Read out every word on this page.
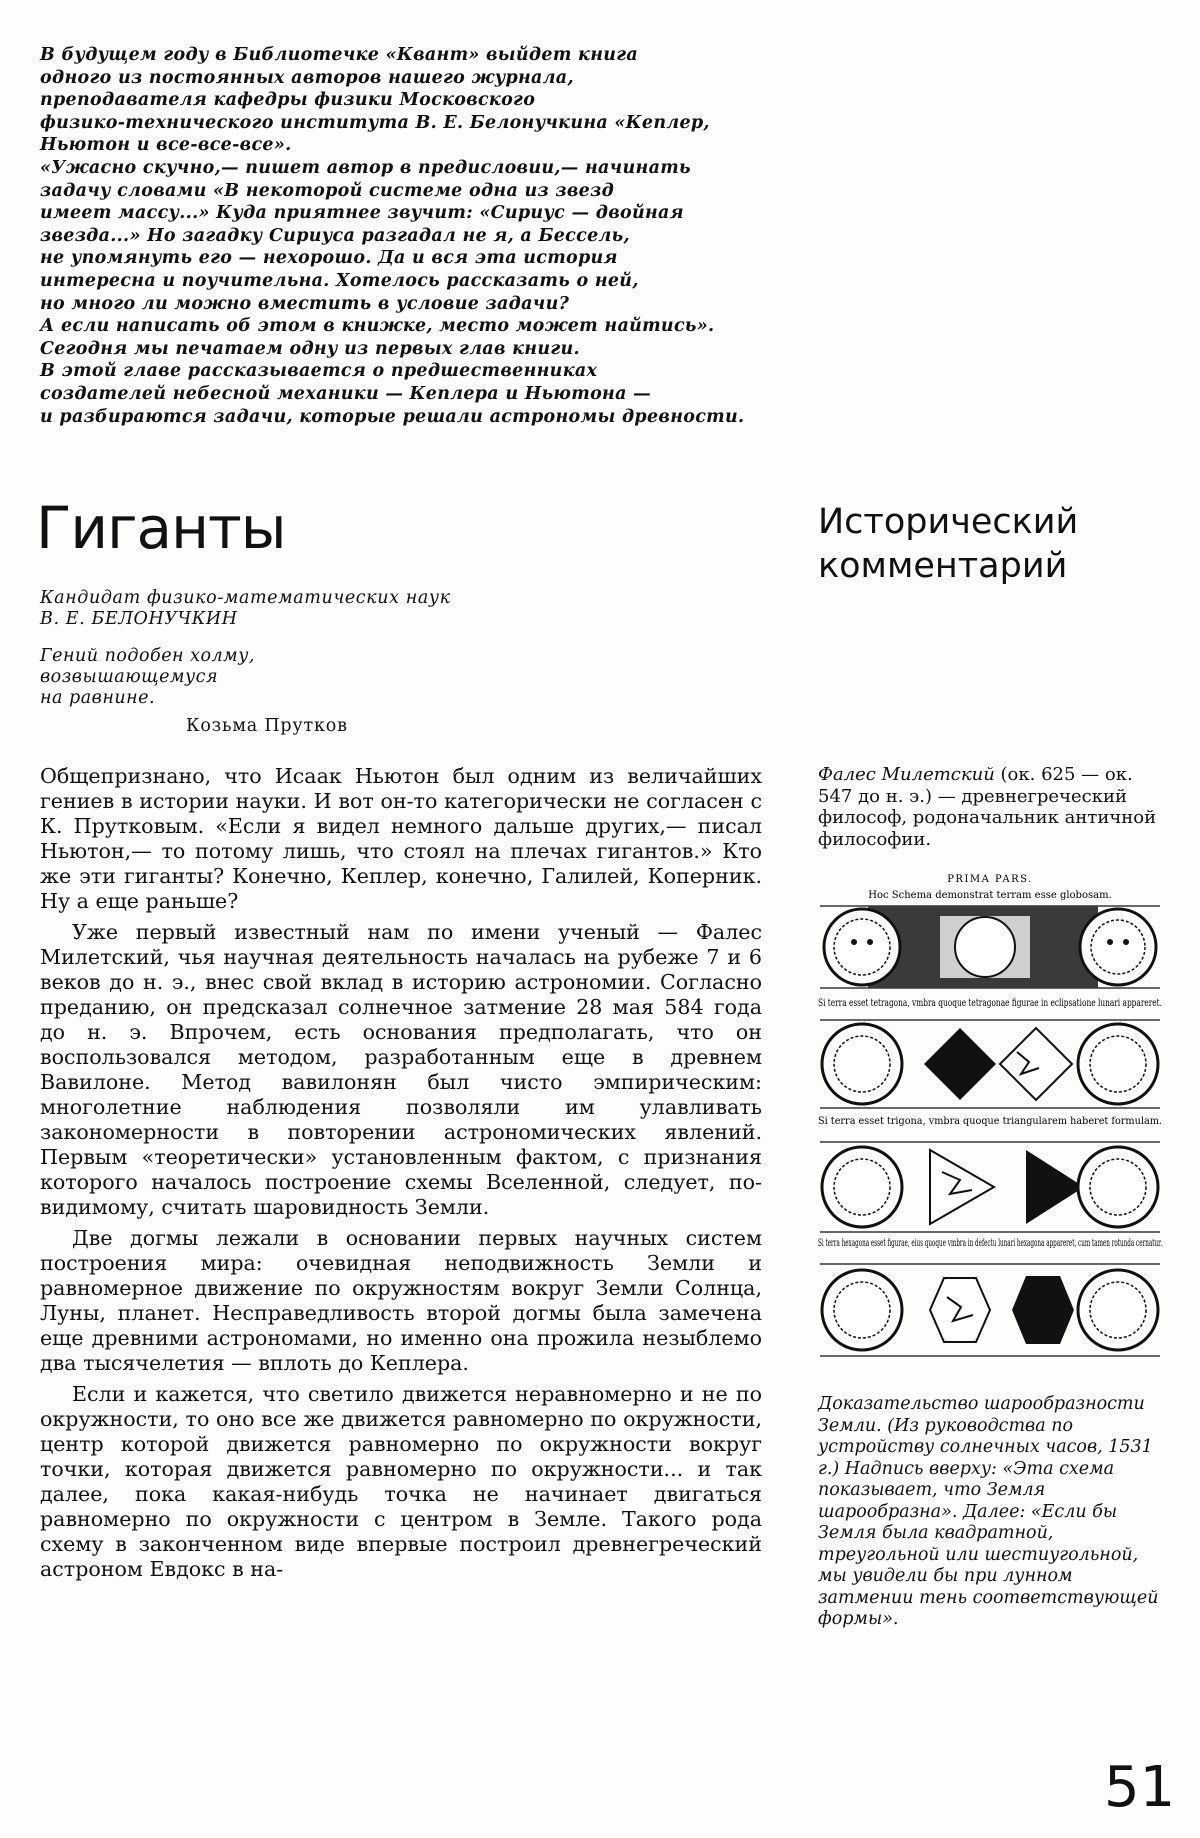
В будущем году в Библиотечке «Квант» выйдет книга
одного из постоянных авторов нашего журнала,
преподавателя кафедры физики Московского
физико-технического института В. Е. Белонучкина «Кеплер,
Ньютон и все-все-все».
«Ужасно скучно,— пишет автор в предисловии,— начинать
задачу словами «В некоторой системе одна из звезд
имеет массу...» Куда приятнее звучит: «Сириус — двойная
звезда...» Но загадку Сириуса разгадал не я, а Бессель,
не упомянуть его — нехорошо. Да и вся эта история
интересна и поучительна. Хотелось рассказать о ней,
но много ли можно вместить в условие задачи?
А если написать об этом в книжке, место может найтись».
Сегодня мы печатаем одну из первых глав книги.
В этой главе рассказывается о предшественниках
создателей небесной механики — Кеплера и Ньютона —
и разбираются задачи, которые решали астрономы древности.
Гиганты	Исторический
комментарий
Кандидат физико-математических наук
В. Е. БЕЛОНУЧКИН
Гений подобен холму,
возвышающемуся
на равнине.
Козьма Прутков

Общепризнано, что Исаак Ньютон был одним из величайших гениев в истории науки. И вот он-то категорически не согласен с К. Прутковым. «Если я видел немного дальше других,— писал Ньютон,— то потому лишь, что стоял на плечах гигантов.» Кто же эти гиганты? Конечно, Кеплер, конечно, Галилей, Коперник. Ну а еще раньше?

Уже первый известный нам по имени ученый — Фалес Милетский, чья научная деятельность началась на рубеже 7 и 6 веков до н. э., внес свой вклад в историю астрономии. Согласно преданию, он предсказал солнечное затмение 28 мая 584 года до н. э. Впрочем, есть основания предполагать, что он воспользовался методом, разработанным еще в древнем Вавилоне. Метод вавилонян был чисто эмпирическим: многолетние наблюдения позволяли им улавливать закономерности в повторении астрономических явлений. Первым «теоретически» установленным фактом, с признания которого началось построение схемы Вселенной, следует, по-видимому, считать шаровидность Земли.

Две догмы лежали в основании первых научных систем построения мира: очевидная неподвижность Земли и равномерное движение по окружностям вокруг Земли Солнца, Луны, планет. Несправедливость второй догмы была замечена еще древними астрономами, но именно она прожила незыблемо два тысячелетия — вплоть до Кеплера.

Если и кажется, что светило движется неравномерно и не по окружности, то оно все же движется равномерно по окружности, центр которой движется равномерно по окружности вокруг точки, которая движется равномерно по окружности... и так далее, пока какая-нибудь точка не начинает двигаться равномерно по окружности с центром в Земле. Такого рода схему в законченном виде впервые построил древнегреческий астроном Евдокс в на-

Фалес Милетский (ок. 625 — ок. 547 до н. э.) — древнегреческий философ, родоначальник античной философии.
PRIMA PARS.
Hoc Schema demonstrat terram esse globosam.
Si terra esset tetragona, vmbra quoque tetragonae figurae in eclipsatione lunari appareret.
Si terra esset trigona, vmbra quoque triangularem haberet formulam.
Si terra hexagona esset figurae, eius quoque vmbra in defectu lunari hexagona appareret, cum tamen rotunda cernatur.
Доказательство шарообразности Земли. (Из руководства по устройству солнечных часов, 1531 г.) Надпись вверху: «Эта схема показывает, что Земля шарообразна». Далее: «Если бы Земля была квадратной, треугольной или шестиугольной, мы увидели бы при лунном затмении тень соответствующей формы».
51
